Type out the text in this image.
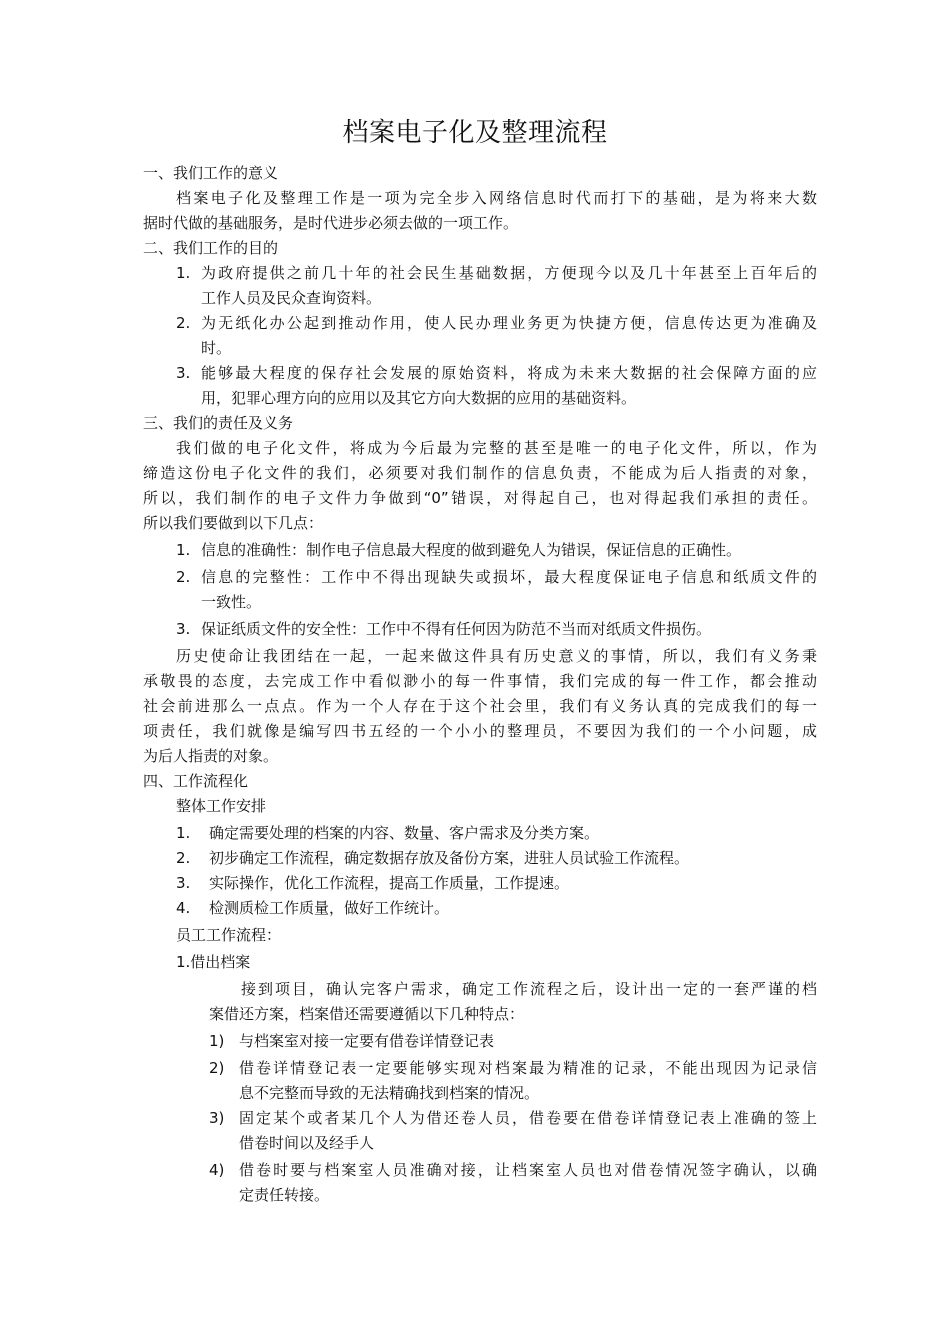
档案电子化及整理流程
一、我们工作的意义
档案电子化及整理工作是一项为完全步入网络信息时代而打下的基础，是为将来大数
据时代做的基础服务，是时代进步必须去做的一项工作。
二、我们工作的目的
1. 为政府提供之前几十年的社会民生基础数据，方便现今以及几十年甚至上百年后的
工作人员及民众查询资料。
2. 为无纸化办公起到推动作用，使人民办理业务更为快捷方便，信息传达更为准确及
时。
3. 能够最大程度的保存社会发展的原始资料，将成为未来大数据的社会保障方面的应
用，犯罪心理方向的应用以及其它方向大数据的应用的基础资料。
三、我们的责任及义务
我们做的电子化文件，将成为今后最为完整的甚至是唯一的电子化文件，所以，作为
缔造这份电子化文件的我们，必须要对我们制作的信息负责，不能成为后人指责的对象，
所以，我们制作的电子文件力争做到“0”错误，对得起自己，也对得起我们承担的责任。
所以我们要做到以下几点：
1. 信息的准确性：制作电子信息最大程度的做到避免人为错误，保证信息的正确性。
2. 信息的完整性：工作中不得出现缺失或损坏，最大程度保证电子信息和纸质文件的
一致性。
3. 保证纸质文件的安全性：工作中不得有任何因为防范不当而对纸质文件损伤。
历史使命让我团结在一起，一起来做这件具有历史意义的事情，所以，我们有义务秉
承敬畏的态度，去完成工作中看似渺小的每一件事情，我们完成的每一件工作，都会推动
社会前进那么一点点。作为一个人存在于这个社会里，我们有义务认真的完成我们的每一
项责任，我们就像是编写四书五经的一个小小的整理员，不要因为我们的一个小问题，成
为后人指责的对象。
四、工作流程化
整体工作安排
1. 确定需要处理的档案的内容、数量、客户需求及分类方案。
2. 初步确定工作流程，确定数据存放及备份方案，进驻人员试验工作流程。
3. 实际操作，优化工作流程，提高工作质量，工作提速。
4. 检测质检工作质量，做好工作统计。
员工工作流程：
1.借出档案
接到项目，确认完客户需求，确定工作流程之后，设计出一定的一套严谨的档
案借还方案，档案借还需要遵循以下几种特点：
1) 与档案室对接一定要有借卷详情登记表
2) 借卷详情登记表一定要能够实现对档案最为精准的记录，不能出现因为记录信
息不完整而导致的无法精确找到档案的情况。
3) 固定某个或者某几个人为借还卷人员，借卷要在借卷详情登记表上准确的签上
借卷时间以及经手人
4) 借卷时要与档案室人员准确对接，让档案室人员也对借卷情况签字确认，以确
定责任转接。
